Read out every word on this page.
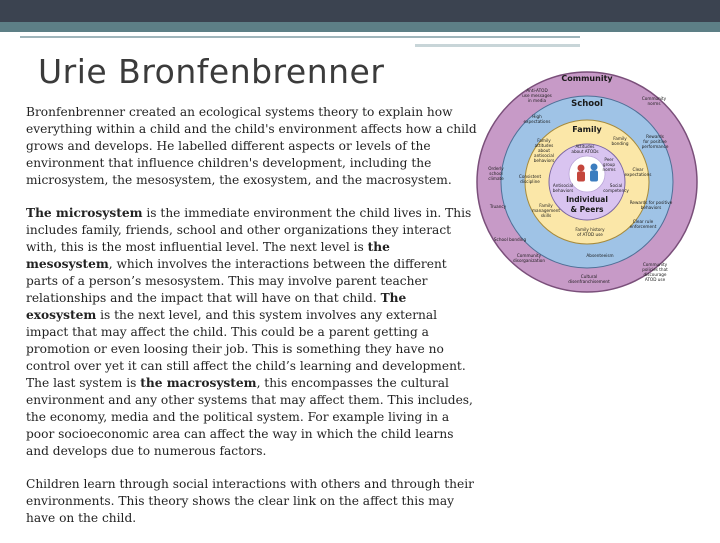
Urie Bronfenbrenner

Bronfenbrenner created an ecological systems theory to explain how everything within a child and the child's environment affects how a child grows and develops. He labelled different aspects or levels of the environment that influence children's development, including the microsystem, the mesosystem, the exosystem, and the macrosystem.

The microsystem is the immediate environment the child lives in. This includes family, friends, school and other organizations they interact with, this is the most influential level. The next level is the mesosystem, which involves the interactions between the different parts of a person’s mesosystem. This may involve parent teacher relationships and the impact that will have on that child. The exosystem is the next level, and this system involves any external impact that may affect the child. This could be a parent getting a promotion or even loosing their job. This is something they have no control over yet it can still affect the child’s learning and development. The last system is the macrosystem, this encompasses the cultural environment and any other systems that may affect them. This includes, the economy, media and the political system. For example living in a poor socioeconomic area can affect the way in which the child learns and develops due to numerous factors.

Children learn through social interactions with others and through their environments. This theory shows the clear link on the affect this may have on the child.

Community
School
Family
Individual
& Peers
Anti-ATOD use messages in media	Community norms
High expectations
Family attitudes about antisocial behaviors
Attitudes about ATODs
Family bonding
Rewards for positive performance
Peer group norms	Clear expectations
Orderly school climate	Consistent discipline
Antisocial behaviors
Social competency
Truancy	Family management skills
Rewards for positive behaviors
Clear rule enforcement
Family history of ATOD use
School bonding
Absenteeism
Community disorganization
Community policies that discourage ATOD use
Cultural disenfranchisement
